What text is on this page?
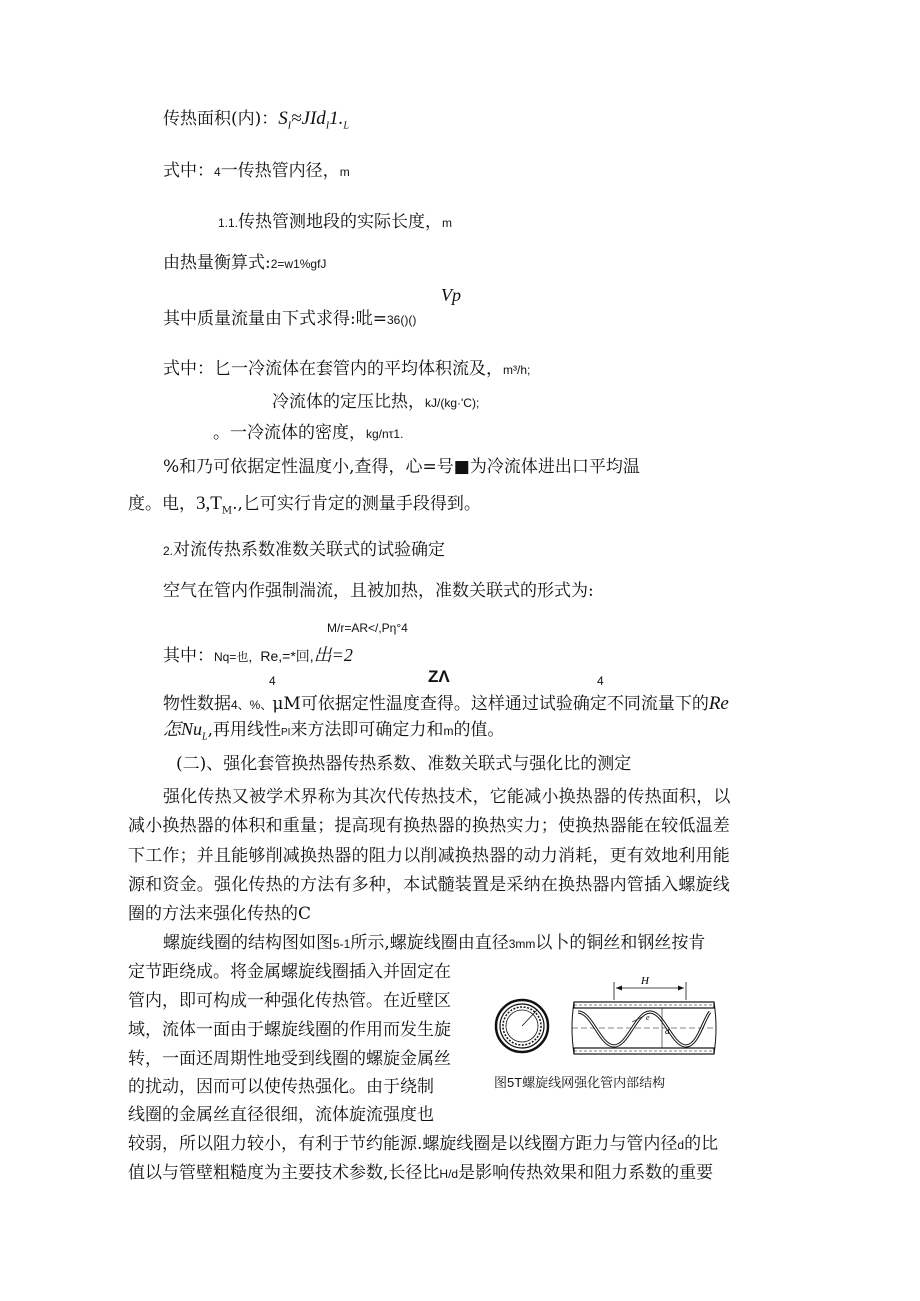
传热面积(内)：$S_I\approx JId_I1._L$
式中：4一传热管内径，m
1.1.传热管测地段的实际长度，m
由热量衡算式:2=w1%gfJ
Vp
其中质量流量由下式求得:吡=36()()
式中：匕一冷流体在套管内的平均体积流及，m³/h;
冷流体的定压比热，kJ/(kg·'C);
。一冷流体的密度，kg/nτ1.
%和乃可依据定性温度小,查得，心=号■为冷流体进出口平均温
度。电，$3,T_M$.,匕可实行肯定的测量手段得到。
2.对流传热系数准数关联式的试验确定
空气在管内作强制湍流，且被加热，准数关联式的形式为:
M/r=AR</,Pη°4
其中：Nq=也，Re,=*回,出=2
4	ZΛ	4
物性数据4、%、μM可依据定性温度查得。这样通过试验确定不同流量下的Re
怎$Nu_L$,再用线性PI来方法即可确定力和m的值。
(二)、强化套管换热器传热系数、准数关联式与强化比的测定
强化传热又被学术界称为其次代传热技术，它能减小换热器的传热面积，以
减小换热器的体积和重量；提高现有换热器的换热实力；使换热器能在较低温差
下工作；并且能够削减换热器的阻力以削减换热器的动力消耗，更有效地利用能
源和资金。强化传热的方法有多种，本试髓装置是采纳在换热器内管插入螺旋线
圈的方法来强化传热的C
螺旋线圈的结构图如图5-1所示,螺旋线圈由直径3mm以卜的铜丝和钢丝按肯
定节距绕成。将金属螺旋线圈插入并固定在
管内，即可构成一种强化传热管。在近壁区
域，流体一面由于螺旋线圈的作用而发生旋
转，一面还周期性地受到线圈的螺旋金属丝
的扰动，因而可以使传热强化。由于绕制
线圈的金属丝直径很细，流体旋流强度也
较弱，所以阻力较小，有利于节约能源.螺旋线圈是以线圈方距力与管内径d的比
值以与管壁粗糙度为主要技术参数,长径比H/d是影响传热效果和阻力系数的重要
H
d
e
图5T螺旋线网强化管内部结构
